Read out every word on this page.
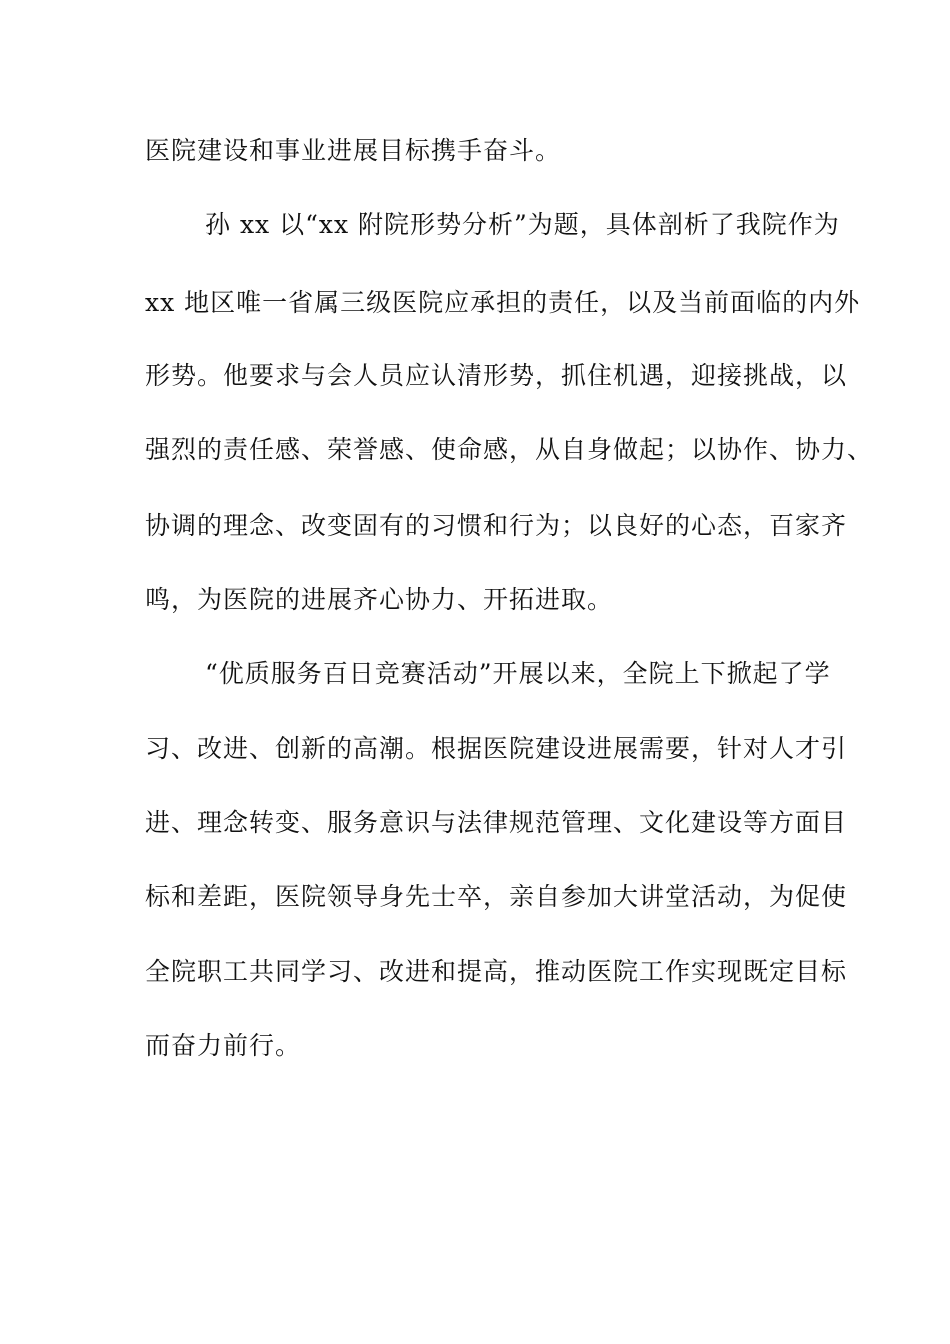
医院建设和事业进展目标携手奋斗。
孙 xx 以“xx 附院形势分析”为题，具体剖析了我院作为
xx 地区唯一省属三级医院应承担的责任，以及当前面临的内外
形势。他要求与会人员应认清形势，抓住机遇，迎接挑战，以
强烈的责任感、荣誉感、使命感，从自身做起；以协作、协力、
协调的理念、改变固有的习惯和行为；以良好的心态，百家齐
鸣，为医院的进展齐心协力、开拓进取。
“优质服务百日竞赛活动”开展以来，全院上下掀起了学
习、改进、创新的高潮。根据医院建设进展需要，针对人才引
进、理念转变、服务意识与法律规范管理、文化建设等方面目
标和差距，医院领导身先士卒，亲自参加大讲堂活动，为促使
全院职工共同学习、改进和提高，推动医院工作实现既定目标
而奋力前行。
